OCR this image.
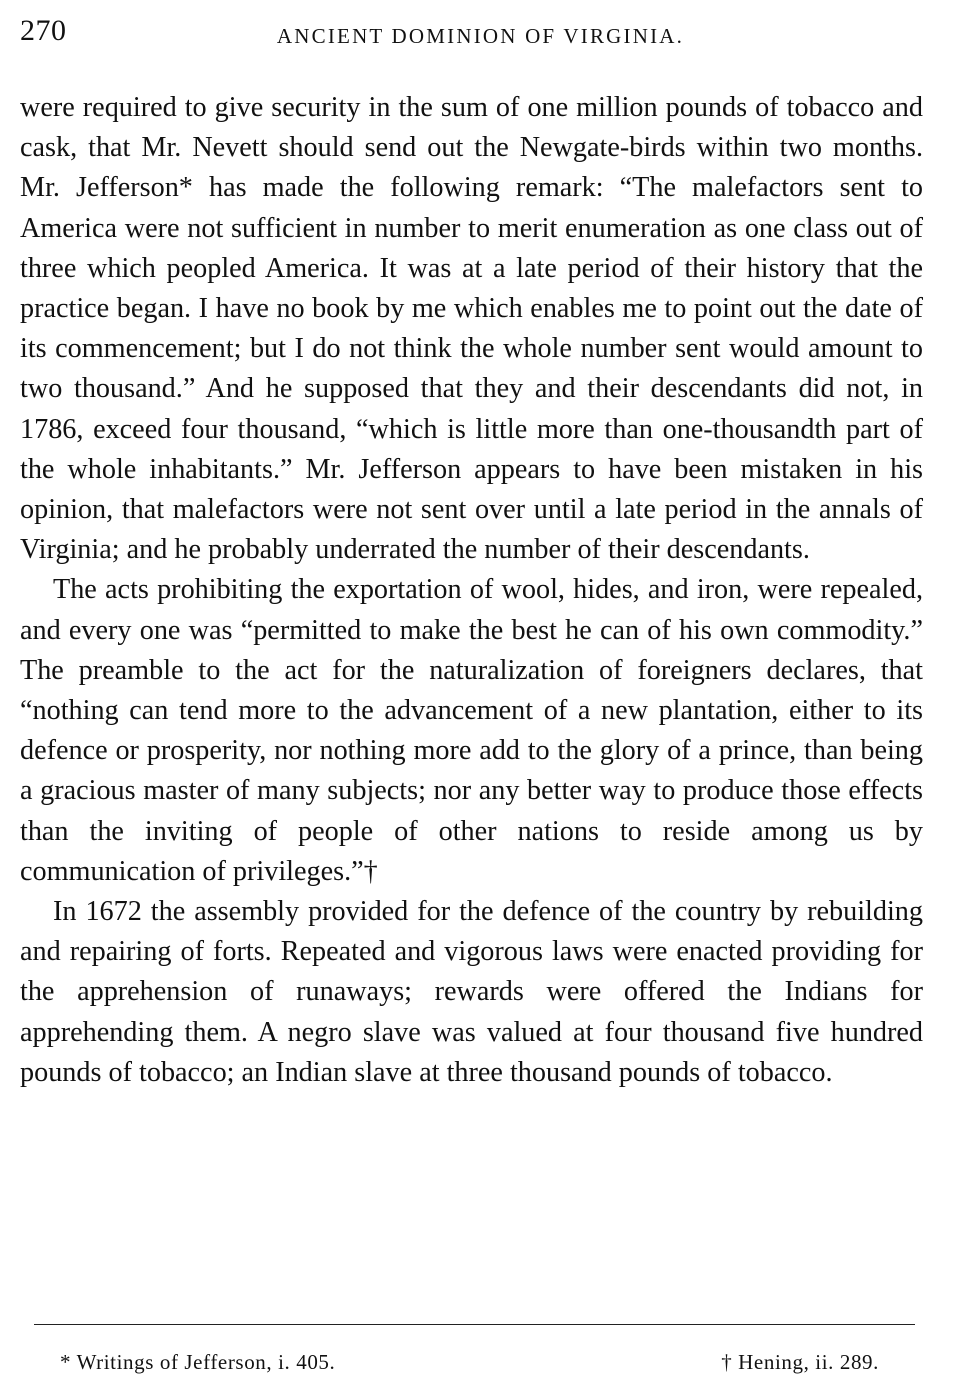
270	ANCIENT DOMINION OF VIRGINIA.

were required to give security in the sum of one million pounds of tobacco and cask, that Mr. Nevett should send out the Newgate-birds within two months. Mr. Jefferson* has made the following remark: “The malefactors sent to America were not sufficient in number to merit enumeration as one class out of three which peopled America. It was at a late period of their history that the practice began. I have no book by me which enables me to point out the date of its commencement; but I do not think the whole number sent would amount to two thousand.” And he supposed that they and their descendants did not, in 1786, exceed four thousand, “which is little more than one-thousandth part of the whole inhabitants.” Mr. Jefferson appears to have been mistaken in his opinion, that malefactors were not sent over until a late period in the annals of Virginia; and he probably underrated the number of their descendants.

The acts prohibiting the exportation of wool, hides, and iron, were repealed, and every one was “permitted to make the best he can of his own commodity.” The preamble to the act for the naturalization of foreigners declares, that “nothing can tend more to the advancement of a new plantation, either to its defence or prosperity, nor nothing more add to the glory of a prince, than being a gracious master of many subjects; nor any better way to produce those effects than the inviting of people of other nations to reside among us by communication of privileges.”†

In 1672 the assembly provided for the defence of the country by rebuilding and repairing of forts. Repeated and vigorous laws were enacted providing for the apprehension of runaways; rewards were offered the Indians for apprehending them. A negro slave was valued at four thousand five hundred pounds of tobacco; an Indian slave at three thousand pounds of tobacco.

* Writings of Jefferson, i. 405.	† Hening, ii. 289.
